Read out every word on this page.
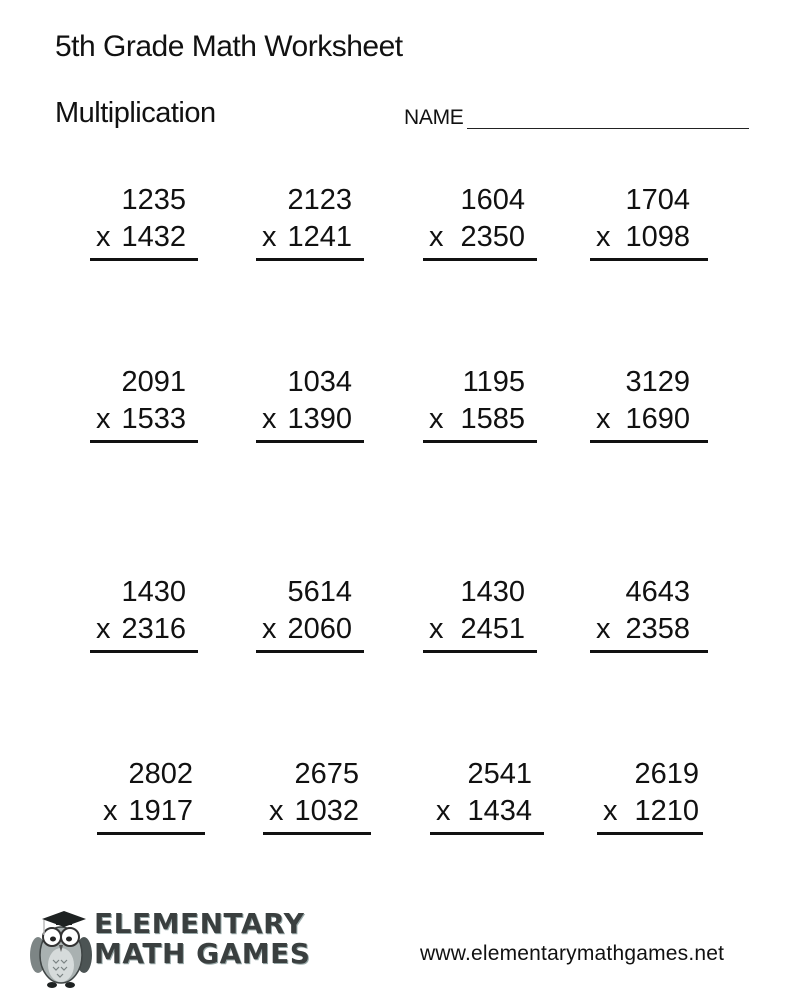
5th Grade Math Worksheet
Multiplication	NAME
1235
x 1432
2123
x 1241
1604
x 2350
1704
x 1098
2091
x 1533
1034
x 1390
1195
x 1585
3129
x 1690
1430
x 2316
5614
x 2060
1430
x 2451
4643
x 2358
2802
x 1917
2675
x 1032
2541
x 1434
2619
x 1210
ELEMENTARY
MATH GAMES	www.elementarymathgames.net
